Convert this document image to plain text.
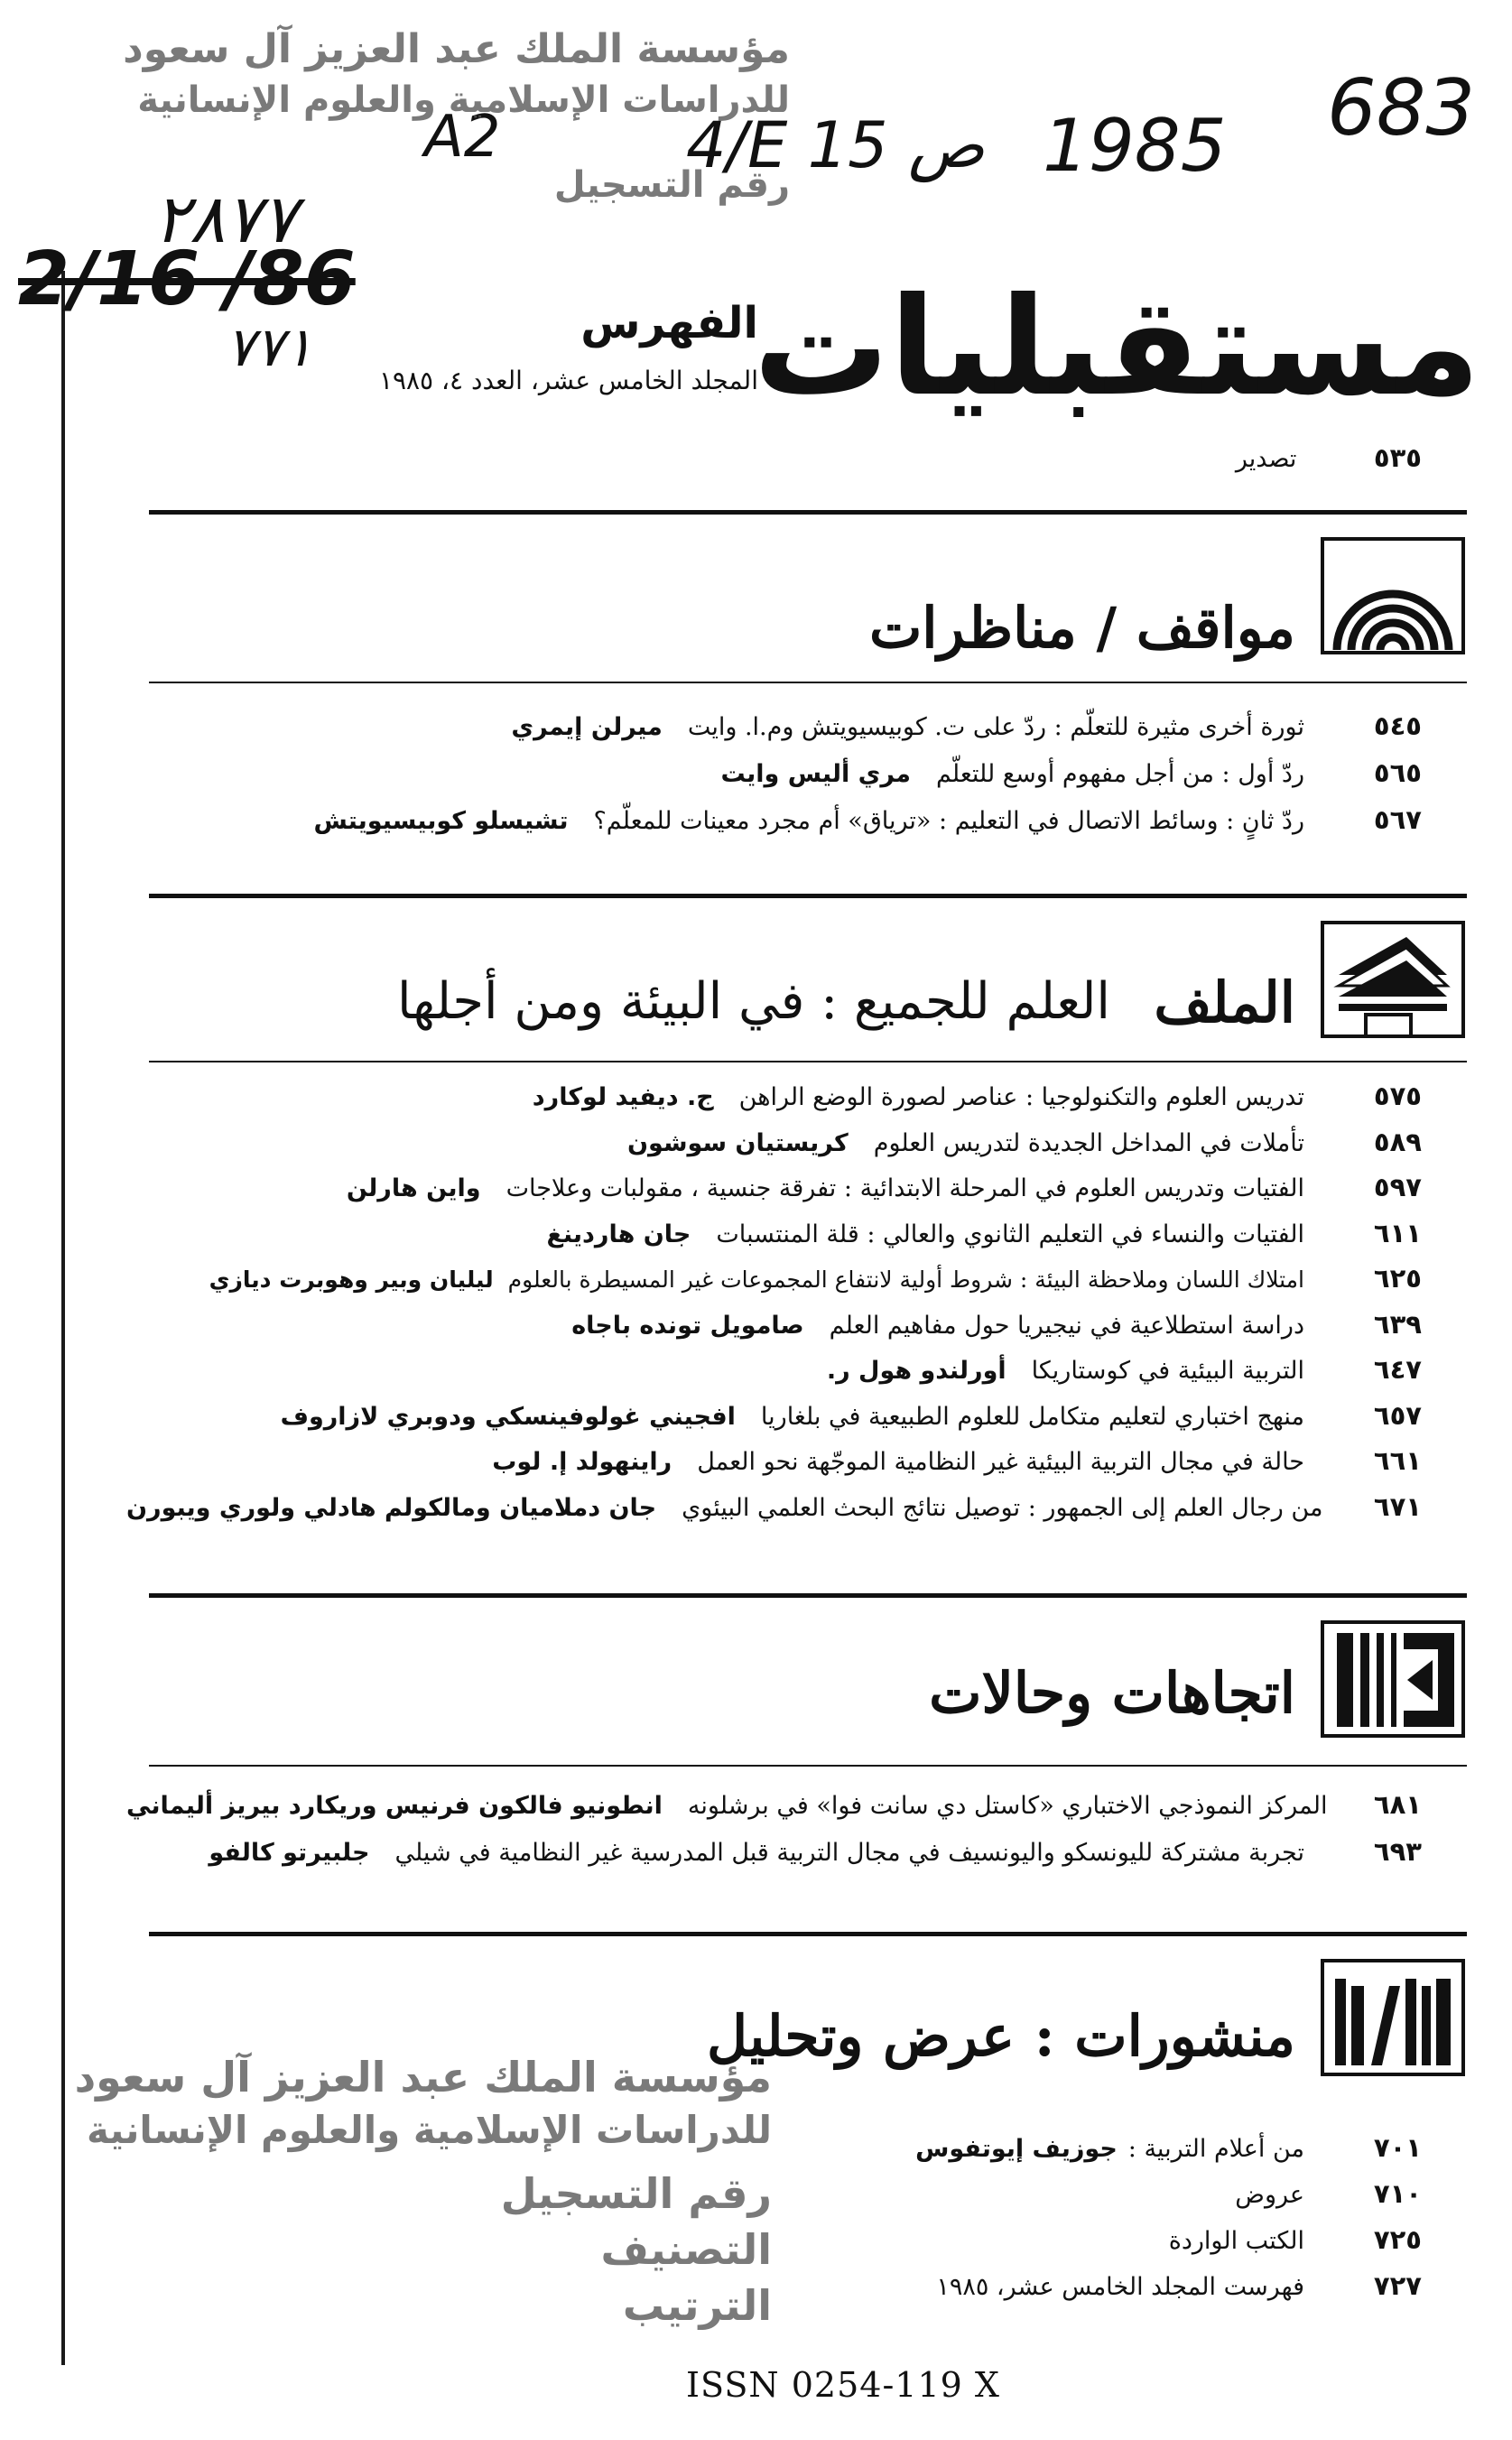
683
1985
4/E 15 ص
A2
٢٨٧٧
2/16 /86
٧٧١
مؤسسة الملك عبد العزيز آل سعود
للدراسات الإسلامية والعلوم الإنسانية
رقم التسجيل
مستقبليات
الفهرس
المجلد الخامس عشر، العدد ٤، ١٩٨٥
٥٣٥ تصدير
مواقف / مناظرات
٥٤٥
ثورة أخرى مثيرة للتعلّم : ردّ على ت. كوبيسيويتش وم.ا. وايت
ميرلن إيمري
٥٦٥
ردّ أول : من أجل مفهوم أوسع للتعلّم
مري أليس وايت
٥٦٧
ردّ ثانٍ : وسائط الاتصال في التعليم : «ترياق» أم مجرد معينات للمعلّم؟
تشيسلو كوبيسيويتش
الملف
العلم للجميع : في البيئة ومن أجلها
٥٧٥
تدريس العلوم والتكنولوجيا : عناصر لصورة الوضع الراهن
ج. ديفيد لوكارد
٥٨٩
تأملات في المداخل الجديدة لتدريس العلوم
كريستيان سوشون
٥٩٧
الفتيات وتدريس العلوم في المرحلة الابتدائية : تفرقة جنسية ، مقولبات وعلاجات
واين هارلن
٦١١
الفتيات والنساء في التعليم الثانوي والعالي : قلة المنتسبات
جان هاردينغ
٦٢٥
امتلاك اللسان وملاحظة البيئة : شروط أولية لانتفاع المجموعات غير المسيطرة بالعلوم
ليليان وبير وهوبرت ديازي
٦٣٩
دراسة استطلاعية في نيجيريا حول مفاهيم العلم
صامويل تونده باجاه
٦٤٧
التربية البيئية في كوستاريكا
أورلندو هول ر.
٦٥٧
منهج اختباري لتعليم متكامل للعلوم الطبيعية في بلغاريا
افجيني غولوفينسكي ودوبري لازاروف
٦٦١
حالة في مجال التربية البيئية غير النظامية الموجّهة نحو العمل
راينهولد إ. لوب
٦٧١
من رجال العلم إلى الجمهور : توصيل نتائج البحث العلمي البيئوي
جان دملاميان ومالكولم هادلي ولوري ويبورن
اتجاهات وحالات
٦٨١
المركز النموذجي الاختباري «كاستل دي سانت فوا» في برشلونه
انطونيو فالكون فرنيس وريكارد بيريز أليماني
٦٩٣
تجربة مشتركة لليونسكو واليونسيف في مجال التربية قبل المدرسية غير النظامية في شيلي
جلبيرتو كالفو
منشورات : عرض وتحليل
٧٠١
من أعلام التربية :
جوزيف إيوتفوس
٧١٠
عروض
٧٢٥
الكتب الواردة
٧٢٧
فهرست المجلد الخامس عشر، ١٩٨٥
مؤسسة الملك عبد العزيز آل سعود
للدراسات الإسلامية والعلوم الإنسانية
رقم التسجيل
التصنيف
الترتيب
ISSN 0254-119 X
